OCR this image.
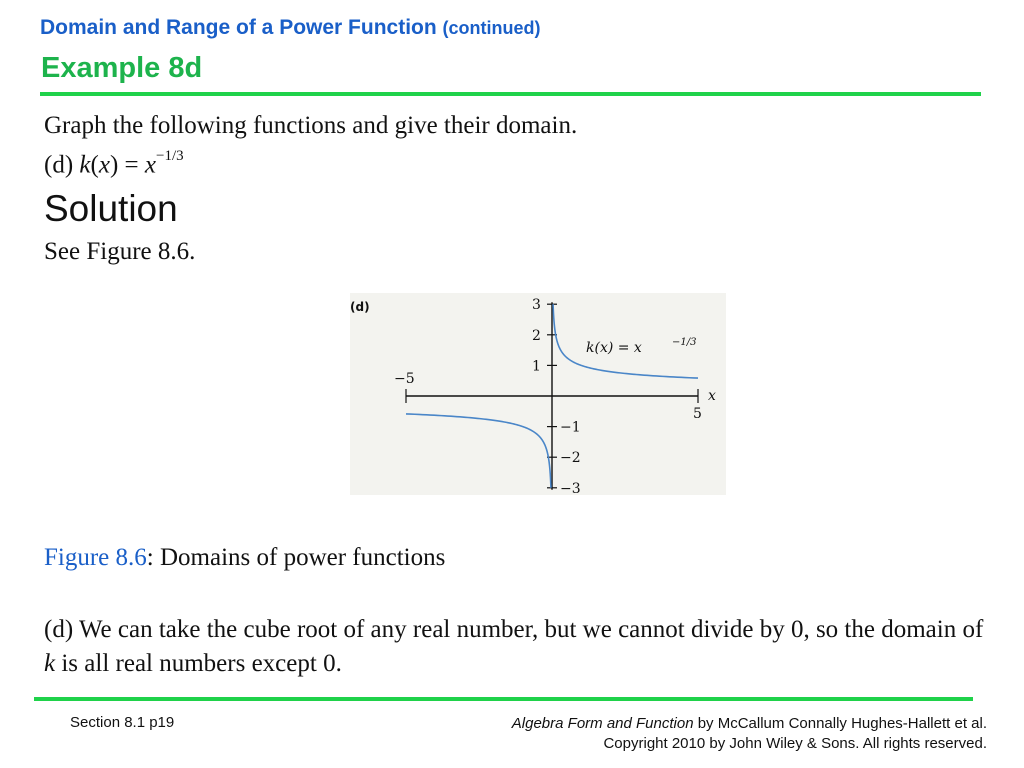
Domain and Range of a Power Function (continued)
Example 8d
Graph the following functions and give their domain.
(d) $k(x) = x^{-1/3}$
Solution
See Figure 8.6.
(d)
−5
5
x
3
2
1
−1
−2
−3
k(x) = x	−1/3
Figure 8.6: Domains of power functions
(d) We can take the cube root of any real number, but we cannot divide by 0, so the domain of k is all real numbers except 0.
Section 8.1 p19	Algebra Form and Function by McCallum Connally Hughes-Hallett et al.
Copyright 2010 by John Wiley & Sons. All rights reserved.
